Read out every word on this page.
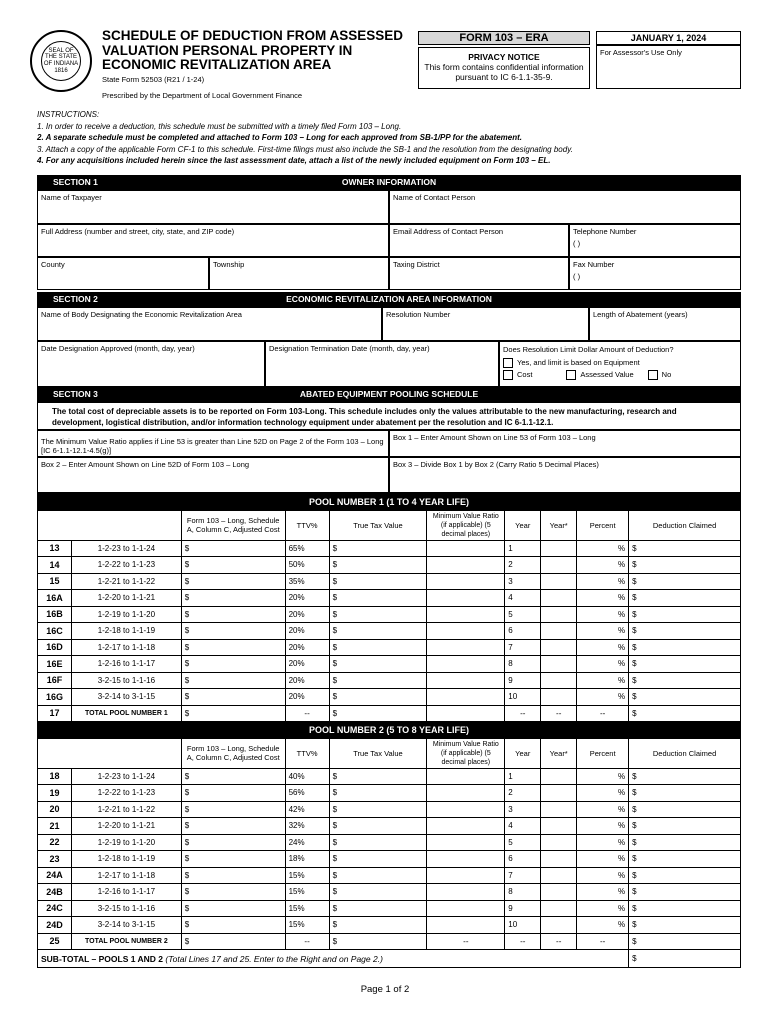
SEAL OF THE STATE OF INDIANA 1816
SCHEDULE OF DEDUCTION FROM ASSESSED VALUATION PERSONAL PROPERTY IN ECONOMIC REVITALIZATION AREA
State Form 52503 (R21 / 1-24)
Prescribed by the Department of Local Government Finance
FORM 103 – ERA
PRIVACY NOTICE
This form contains confidential information pursuant to IC 6-1.1-35-9.
JANUARY 1, 2024
For Assessor's Use Only
INSTRUCTIONS:
1. In order to receive a deduction, this schedule must be submitted with a timely filed Form 103 – Long.
2. A separate schedule must be completed and attached to Form 103 – Long for each approved from SB-1/PP for the abatement.
3. Attach a copy of the applicable Form CF-1 to this schedule. First-time filings must also include the SB-1 and the resolution from the designating body.
4. For any acquisitions included herein since the last assessment date, attach a list of the newly included equipment on Form 103 – EL.
SECTION 1	OWNER INFORMATION
Name of Taxpayer	Name of Contact Person
Full Address (number and street, city, state, and ZIP code)	Email Address of Contact Person	Telephone Number
( )
County	Township	Taxing District	Fax Number
( )
SECTION 2	ECONOMIC REVITALIZATION AREA INFORMATION
Name of Body Designating the Economic Revitalization Area	Resolution Number	Length of Abatement (years)
Date Designation Approved (month, day, year)	Designation Termination Date (month, day, year)	Does Resolution Limit Dollar Amount of Deduction?
Yes, and limit is based on Equipment
Cost	Assessed Value	No
SECTION 3	ABATED EQUIPMENT POOLING SCHEDULE
The total cost of depreciable assets is to be reported on Form 103-Long. This schedule includes only the values attributable to the new manufacturing, research and development, logistical distribution, and/or information technology equipment under abatement per the resolution and IC 6-1.1-12.1.
The Minimum Value Ratio applies if Line 53 is greater than Line 52D on Page 2 of the Form 103 – Long [IC 6-1.1-12.1-4.5(g)]
Box 1 – Enter Amount Shown on Line 53 of Form 103 – Long
Box 2 – Enter Amount Shown on Line 52D of Form 103 – Long	Box 3 – Divide Box 1 by Box 2 (Carry Ratio 5 Decimal Places)
POOL NUMBER 1 (1 TO 4 YEAR LIFE)									
		Form 103 – Long, Schedule A, Column C, Adjusted Cost	TTV%	True Tax Value	Minimum Value Ratio (if applicable) (5 decimal places)	Year	Year*	Percent	Deduction Claimed
13	1-2-23 to 1-1-24	$	65%	$		1		%	$
14	1-2-22 to 1-1-23	$	50%	$		2		%	$
15	1-2-21 to 1-1-22	$	35%	$		3		%	$
16A	1-2-20 to 1-1-21	$	20%	$		4		%	$
16B	1-2-19 to 1-1-20	$	20%	$		5		%	$
16C	1-2-18 to 1-1-19	$	20%	$		6		%	$
16D	1-2-17 to 1-1-18	$	20%	$		7		%	$
16E	1-2-16 to 1-1-17	$	20%	$		8		%	$
16F	3-2-15 to 1-1-16	$	20%	$		9		%	$
16G	3-2-14 to 3-1-15	$	20%	$		10		%	$
17	TOTAL POOL NUMBER 1	$	--	$		--	--	--	$
POOL NUMBER 2 (5 TO 8 YEAR LIFE)									
		Form 103 – Long, Schedule A, Column C, Adjusted Cost	TTV%	True Tax Value	Minimum Value Ratio (if applicable) (5 decimal places)	Year	Year*	Percent	Deduction Claimed
18	1-2-23 to 1-1-24	$	40%	$		1		%	$
19	1-2-22 to 1-1-23	$	56%	$		2		%	$
20	1-2-21 to 1-1-22	$	42%	$		3		%	$
21	1-2-20 to 1-1-21	$	32%	$		4		%	$
22	1-2-19 to 1-1-20	$	24%	$		5		%	$
23	1-2-18 to 1-1-19	$	18%	$		6		%	$
24A	1-2-17 to 1-1-18	$	15%	$		7		%	$
24B	1-2-16 to 1-1-17	$	15%	$		8		%	$
24C	3-2-15 to 1-1-16	$	15%	$		9		%	$
24D	3-2-14 to 3-1-15	$	15%	$		10		%	$
25	TOTAL POOL NUMBER 2	$	--	$	--	--	--	--	$
SUB-TOTAL – POOLS 1 AND 2 (Total Lines 17 and 25. Enter to the Right and on Page 2.)									$
Page 1 of 2
